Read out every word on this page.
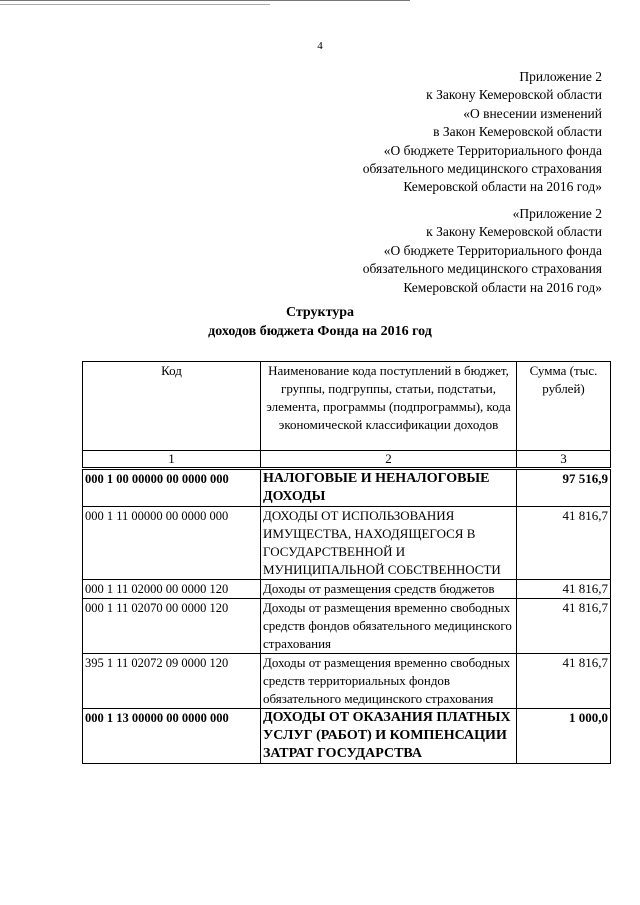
4
Приложение 2
к Закону Кемеровской области
«О внесении изменений
в Закон Кемеровской области
«О бюджете Территориального фонда
обязательного медицинского страхования
Кемеровской области на 2016 год»
«Приложение 2
к Закону Кемеровской области
«О бюджете Территориального фонда
обязательного медицинского страхования
Кемеровской области на 2016 год»
Структура
доходов бюджета Фонда на 2016 год
Код	Наименование кода поступлений в бюджет, группы, подгруппы, статьи, подстатьи, элемента, программы (подпрограммы), кода экономической классификации доходов	Сумма (тыс. рублей)
1	2	3
000 1 00 00000 00 0000 000	НАЛОГОВЫЕ И НЕНАЛОГОВЫЕ ДОХОДЫ	97 516,9
000 1 11 00000 00 0000 000	ДОХОДЫ ОТ ИСПОЛЬЗОВАНИЯ ИМУЩЕСТВА, НАХОДЯЩЕГОСЯ В ГОСУДАРСТВЕННОЙ И МУНИЦИПАЛЬНОЙ СОБСТВЕННОСТИ	41 816,7
000 1 11 02000 00 0000 120	Доходы от размещения средств бюджетов	41 816,7
000 1 11 02070 00 0000 120	Доходы от размещения временно свободных средств фондов обязательного медицинского страхования	41 816,7
395 1 11 02072 09 0000 120	Доходы от размещения временно свободных средств территориальных фондов обязательного медицинского страхования	41 816,7
000 1 13 00000 00 0000 000	ДОХОДЫ ОТ ОКАЗАНИЯ ПЛАТНЫХ УСЛУГ (РАБОТ) И КОМПЕНСАЦИИ ЗАТРАТ ГОСУДАРСТВА	1 000,0
